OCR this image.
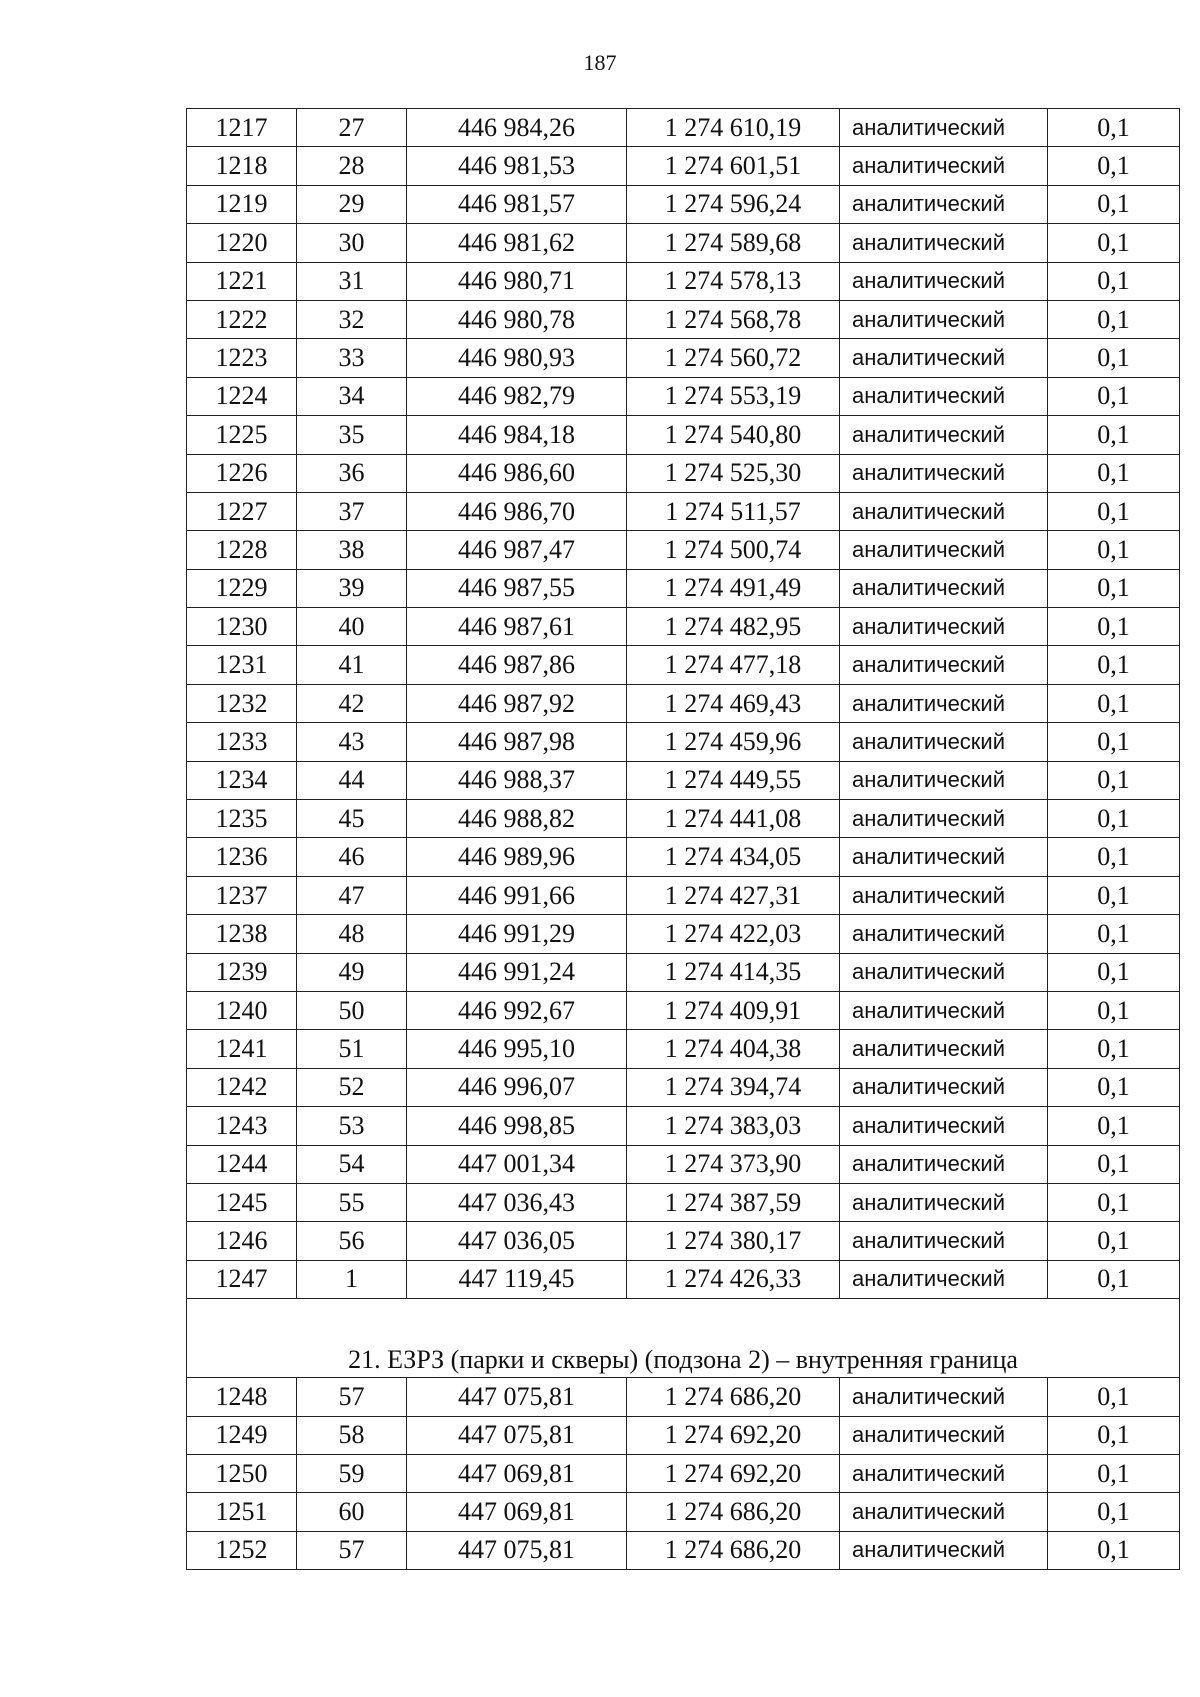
187
1217	27	446 984,26	1 274 610,19	аналитический	0,1
1218	28	446 981,53	1 274 601,51	аналитический	0,1
1219	29	446 981,57	1 274 596,24	аналитический	0,1
1220	30	446 981,62	1 274 589,68	аналитический	0,1
1221	31	446 980,71	1 274 578,13	аналитический	0,1
1222	32	446 980,78	1 274 568,78	аналитический	0,1
1223	33	446 980,93	1 274 560,72	аналитический	0,1
1224	34	446 982,79	1 274 553,19	аналитический	0,1
1225	35	446 984,18	1 274 540,80	аналитический	0,1
1226	36	446 986,60	1 274 525,30	аналитический	0,1
1227	37	446 986,70	1 274 511,57	аналитический	0,1
1228	38	446 987,47	1 274 500,74	аналитический	0,1
1229	39	446 987,55	1 274 491,49	аналитический	0,1
1230	40	446 987,61	1 274 482,95	аналитический	0,1
1231	41	446 987,86	1 274 477,18	аналитический	0,1
1232	42	446 987,92	1 274 469,43	аналитический	0,1
1233	43	446 987,98	1 274 459,96	аналитический	0,1
1234	44	446 988,37	1 274 449,55	аналитический	0,1
1235	45	446 988,82	1 274 441,08	аналитический	0,1
1236	46	446 989,96	1 274 434,05	аналитический	0,1
1237	47	446 991,66	1 274 427,31	аналитический	0,1
1238	48	446 991,29	1 274 422,03	аналитический	0,1
1239	49	446 991,24	1 274 414,35	аналитический	0,1
1240	50	446 992,67	1 274 409,91	аналитический	0,1
1241	51	446 995,10	1 274 404,38	аналитический	0,1
1242	52	446 996,07	1 274 394,74	аналитический	0,1
1243	53	446 998,85	1 274 383,03	аналитический	0,1
1244	54	447 001,34	1 274 373,90	аналитический	0,1
1245	55	447 036,43	1 274 387,59	аналитический	0,1
1246	56	447 036,05	1 274 380,17	аналитический	0,1
1247	1	447 119,45	1 274 426,33	аналитический	0,1
21. ЕЗРЗ (парки и скверы) (подзона 2) – внутренняя граница					
1248	57	447 075,81	1 274 686,20	аналитический	0,1
1249	58	447 075,81	1 274 692,20	аналитический	0,1
1250	59	447 069,81	1 274 692,20	аналитический	0,1
1251	60	447 069,81	1 274 686,20	аналитический	0,1
1252	57	447 075,81	1 274 686,20	аналитический	0,1
